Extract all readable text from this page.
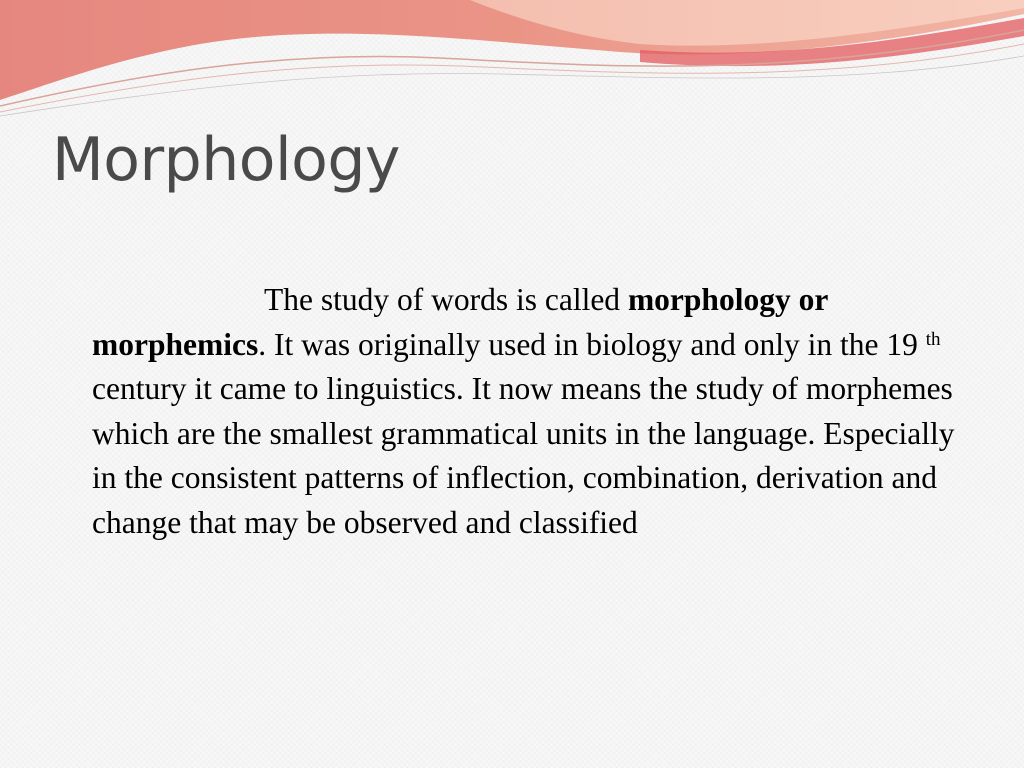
Morphology

The study of words is called morphology or morphemics. It was originally used in biology and only in the 19 $^{th}$ century it came to linguistics. It now means the study of morphemes which are the smallest grammatical units in the language. Especially in the consistent patterns of inflection, combination, derivation and change that may be observed and classified
